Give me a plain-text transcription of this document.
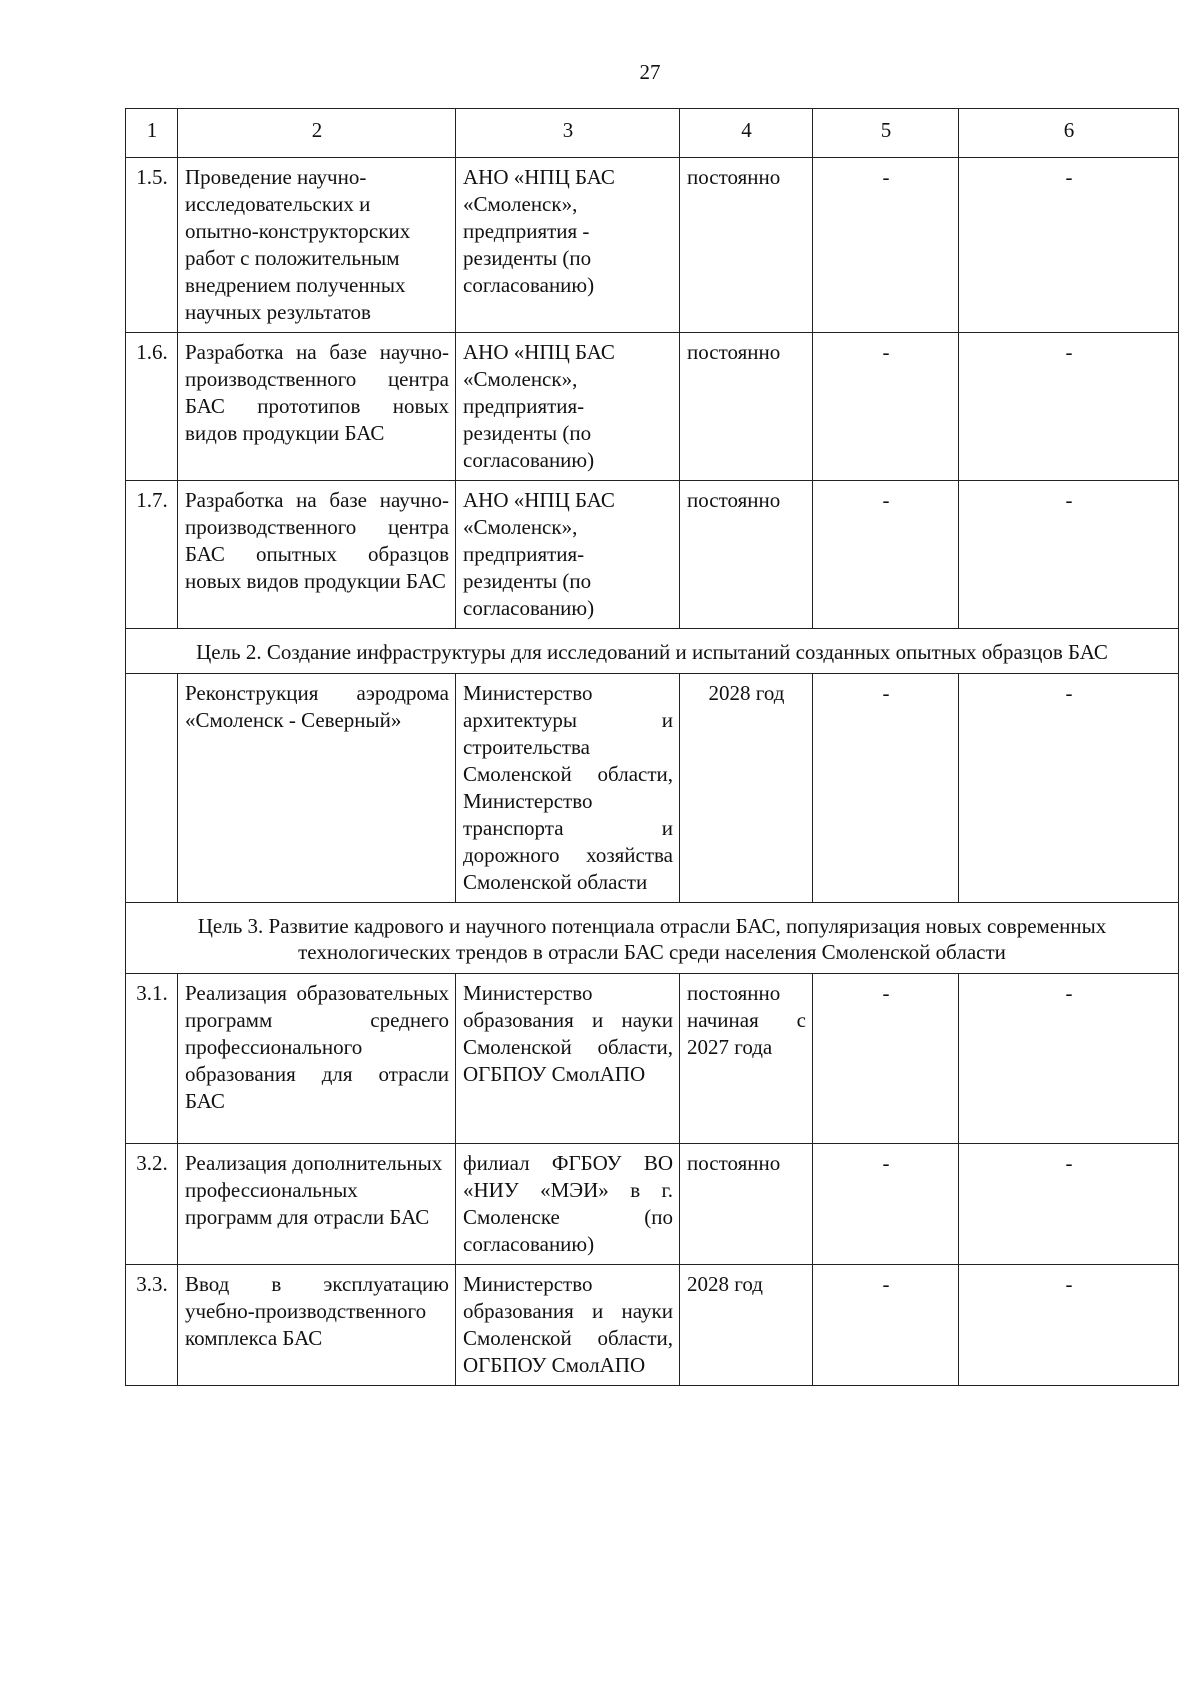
27
1	2	3	4	5	6
1.5.	Проведение научно-исследовательских и опытно-конструкторских работ с положительным внедрением полученных научных результатов	АНО «НПЦ БАС «Смоленск», предприятия - резиденты (по согласованию)	постоянно	-	-
1.6.	Разработка на базе научно-производственного центра БАС прототипов новых видов продукции БАС	АНО «НПЦ БАС «Смоленск», предприятия-резиденты (по согласованию)	постоянно	-	-
1.7.	Разработка на базе научно-производственного центра БАС опытных образцов новых видов продукции БАС	АНО «НПЦ БАС «Смоленск», предприятия-резиденты (по согласованию)	постоянно	-	-
Цель 2. Создание инфраструктуры для исследований и испытаний созданных опытных образцов БАС					
	Реконструкция аэродрома «Смоленск - Северный»	Министерство архитектуры и строительства Смоленской области, Министерство транспорта и дорожного хозяйства Смоленской области	2028 год	-	-
Цель 3. Развитие кадрового и научного потенциала отрасли БАС, популяризация новых современных технологических трендов в отрасли БАС среди населения Смоленской области					
3.1.	Реализация образовательных программ среднего профессионального образования для отрасли БАС	Министерство образования и науки Смоленской области, ОГБПОУ СмолАПО	постоянно начиная с 2027 года	-	-
3.2.	Реализация дополнительных профессиональных программ для отрасли БАС	филиал ФГБОУ ВО «НИУ «МЭИ» в г. Смоленске (по согласованию)	постоянно	-	-
3.3.	Ввод в эксплуатацию учебно-производственного комплекса БАС	Министерство образования и науки Смоленской области, ОГБПОУ СмолАПО	2028 год	-	-
